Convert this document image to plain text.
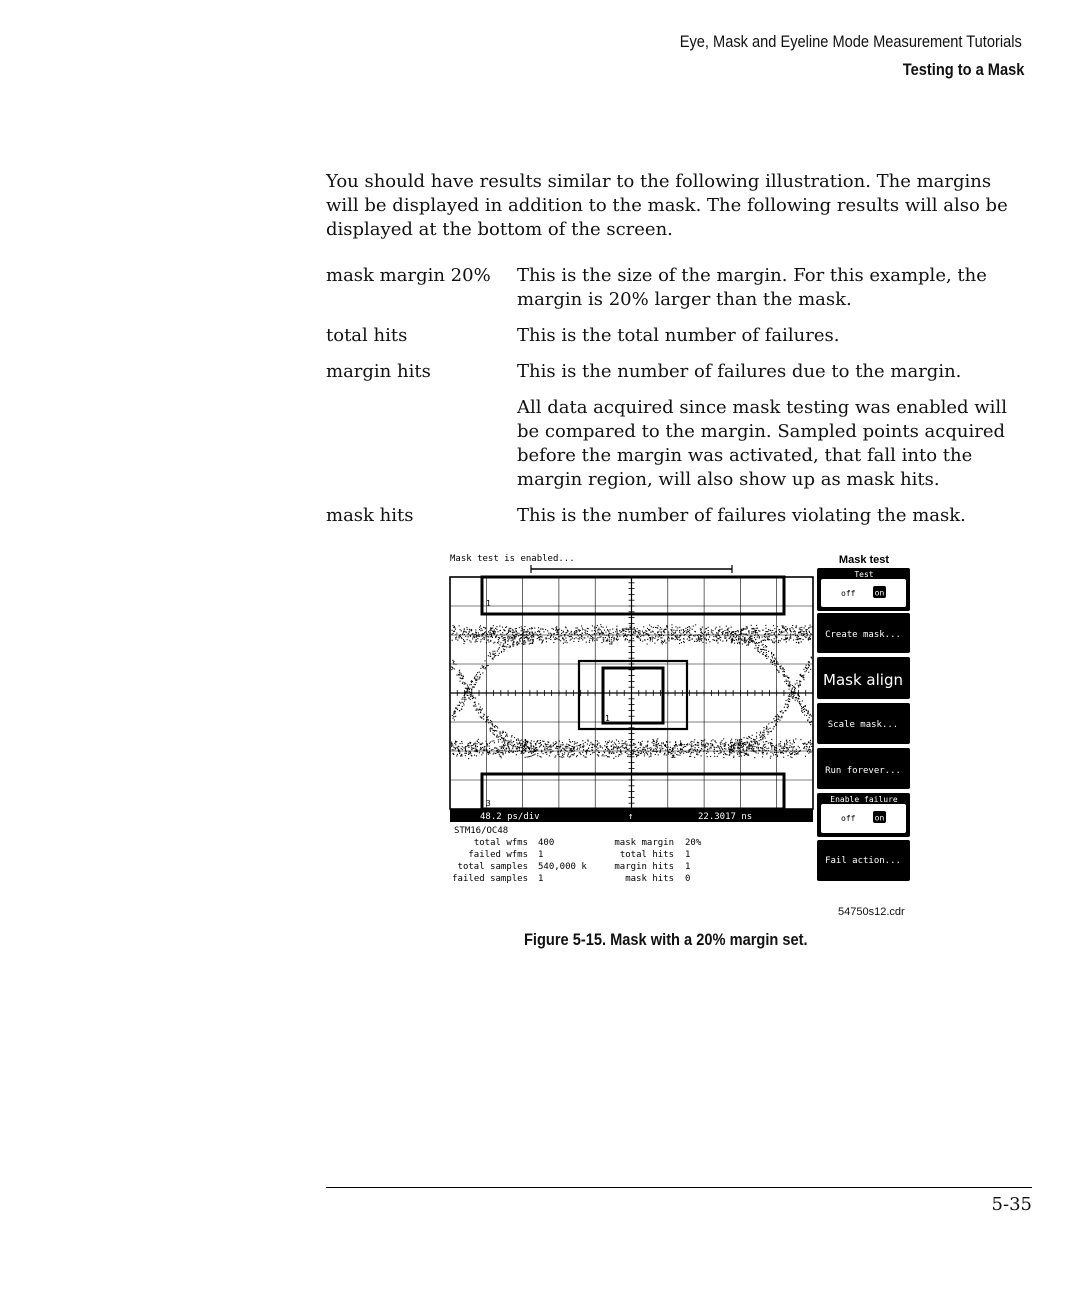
Eye, Mask and Eyeline Mode Measurement Tutorials
Testing to a Mask
You should have results similar to the following illustration. The margins will be displayed in addition to the mask. The following results will also be displayed at the bottom of the screen.
mask margin 20%	This is the size of the margin. For this example, the margin is 20% larger than the mask.
total hits	This is the total number of failures.
margin hits	This is the number of failures due to the margin.
All data acquired since mask testing was enabled will be compared to the margin. Sampled points acquired before the margin was activated, that fall into the margin region, will also show up as mask hits.
mask hits	This is the number of failures violating the mask.
Mask test is enabled...
1
1
3
48.2 ps/div	↑	22.3017 ns
STM16/OC48
total wfms 400
failed wfms 1
total samples 540,000 k
failed samples 1
mask margin 20%
total hits 1
margin hits 1
mask hits 0
Mask test
Test
off on
Create mask...
Mask align
Scale mask...
Run forever...
Enable failure
off on
Fail action...
54750s12.cdr
Figure 5-15. Mask with a 20% margin set.
5-35
